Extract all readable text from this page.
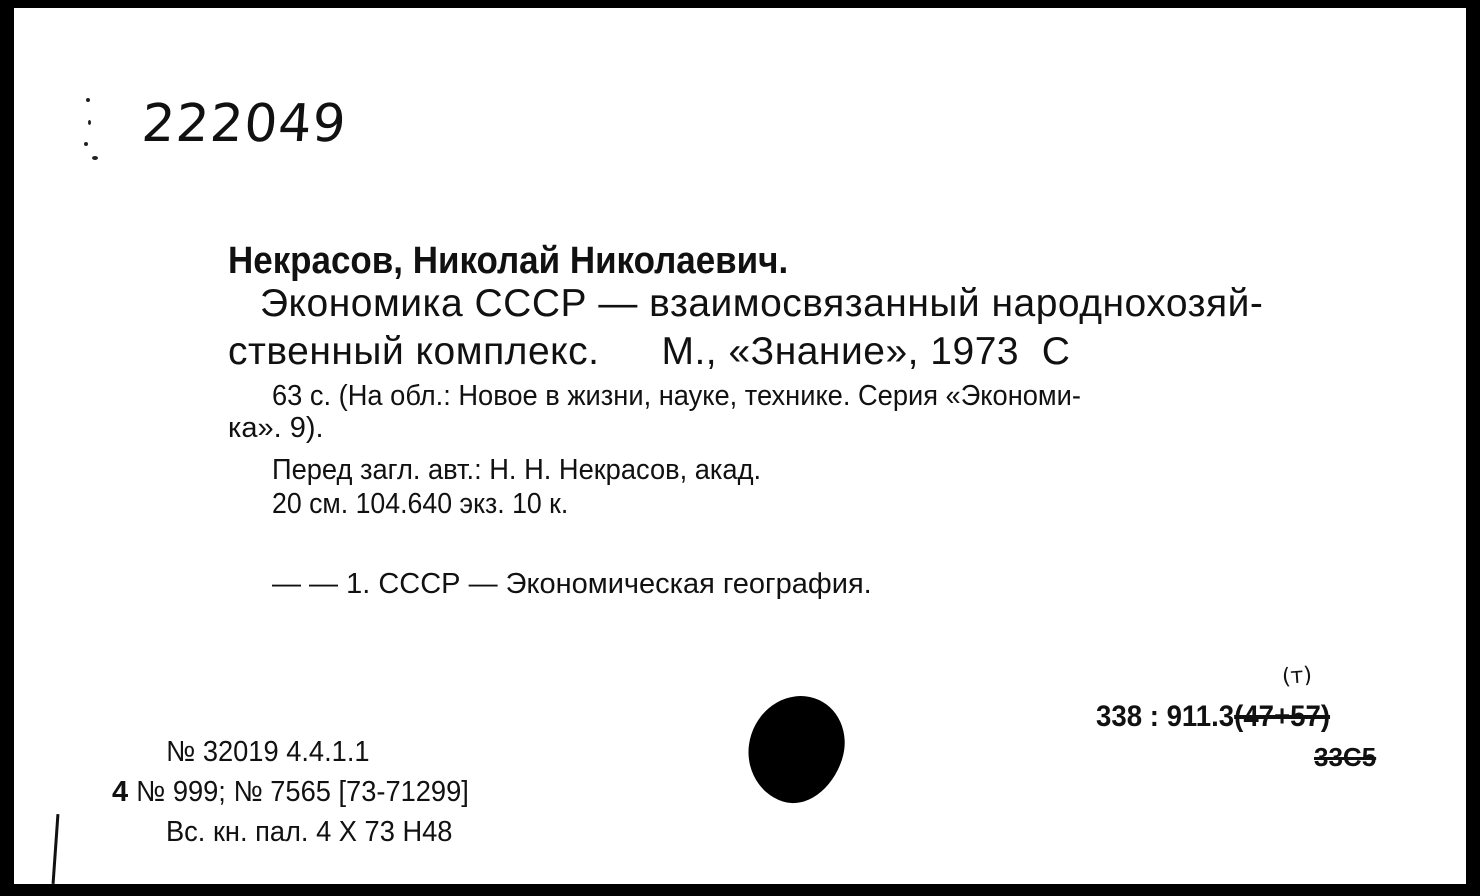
222049
Некрасов, Николай Николаевич.
Экономика СССР — взаимосвязанный народнохозяй-
ственный комплекс. М., «Знание», 1973 С
63 с. (На обл.: Новое в жизни, науке, технике. Серия «Экономи-
ка». 9).
Перед загл. авт.: Н. Н. Некрасов, акад.
20 см. 104.640 экз. 10 к.
— — 1. СССР — Экономическая география.
(т)
338 : 911.3(47+57)
33С5
№ 32019 4.4.1.1
4 № 999; № 7565 [73-71299]
Вс. кн. пал. 4 Х 73 Н48
